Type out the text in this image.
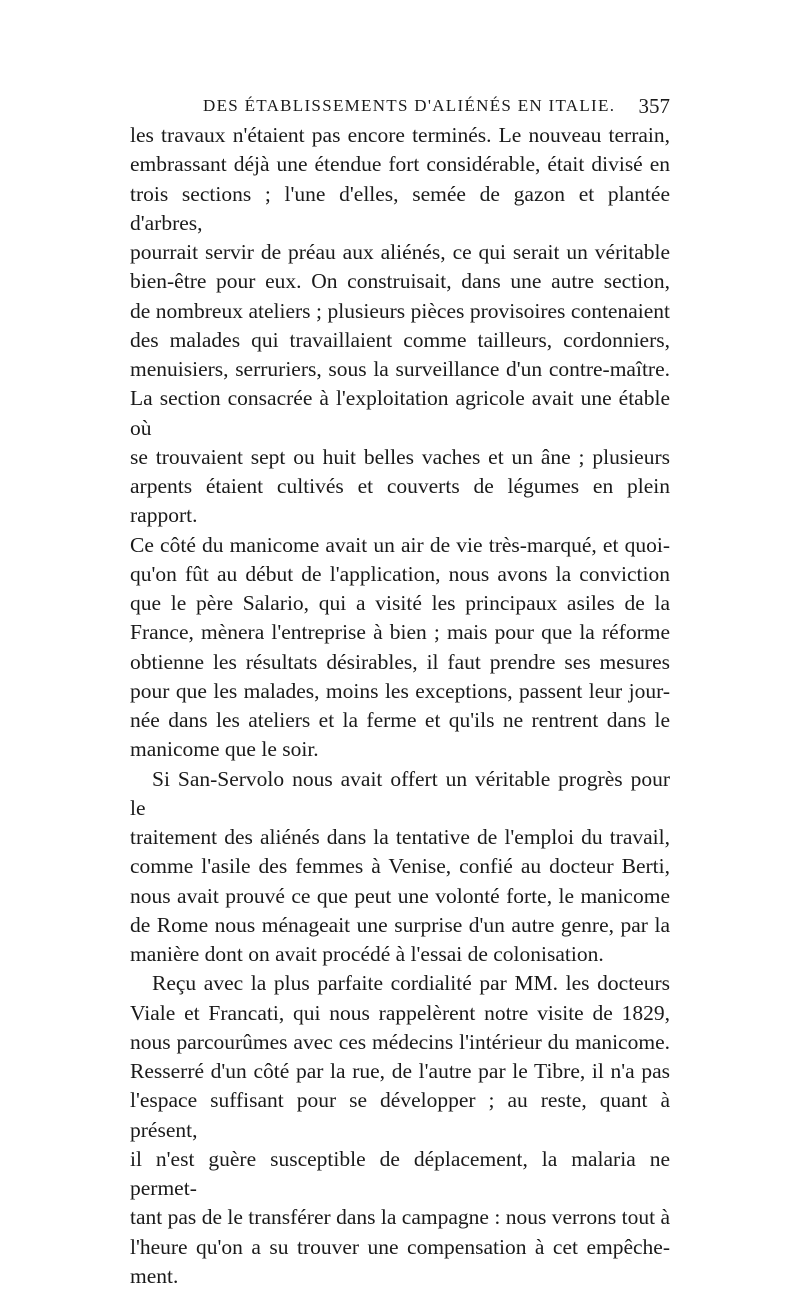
DES ÉTABLISSEMENTS D'ALIÉNÉS EN ITALIE. 357

les travaux n'étaient pas encore terminés. Le nouveau terrain,

embrassant déjà une étendue fort considérable, était divisé en

trois sections ; l'une d'elles, semée de gazon et plantée d'arbres,

pourrait servir de préau aux aliénés, ce qui serait un véritable

bien-être pour eux. On construisait, dans une autre section,

de nombreux ateliers ; plusieurs pièces provisoires contenaient

des malades qui travaillaient comme tailleurs, cordonniers,

menuisiers, serruriers, sous la surveillance d'un contre-maître.

La section consacrée à l'exploitation agricole avait une étable où

se trouvaient sept ou huit belles vaches et un âne ; plusieurs

arpents étaient cultivés et couverts de légumes en plein rapport.

Ce côté du manicome avait un air de vie très-marqué, et quoi-

qu'on fût au début de l'application, nous avons la conviction

que le père Salario, qui a visité les principaux asiles de la

France, mènera l'entreprise à bien ; mais pour que la réforme

obtienne les résultats désirables, il faut prendre ses mesures

pour que les malades, moins les exceptions, passent leur jour-

née dans les ateliers et la ferme et qu'ils ne rentrent dans le

manicome que le soir.

Si San-Servolo nous avait offert un véritable progrès pour le

traitement des aliénés dans la tentative de l'emploi du travail,

comme l'asile des femmes à Venise, confié au docteur Berti,

nous avait prouvé ce que peut une volonté forte, le manicome

de Rome nous ménageait une surprise d'un autre genre, par la

manière dont on avait procédé à l'essai de colonisation.

Reçu avec la plus parfaite cordialité par MM. les docteurs

Viale et Francati, qui nous rappelèrent notre visite de 1829,

nous parcourûmes avec ces médecins l'intérieur du manicome.

Resserré d'un côté par la rue, de l'autre par le Tibre, il n'a pas

l'espace suffisant pour se développer ; au reste, quant à présent,

il n'est guère susceptible de déplacement, la malaria ne permet-

tant pas de le transférer dans la campagne : nous verrons tout à

l'heure qu'on a su trouver une compensation à cet empêche-

ment.
